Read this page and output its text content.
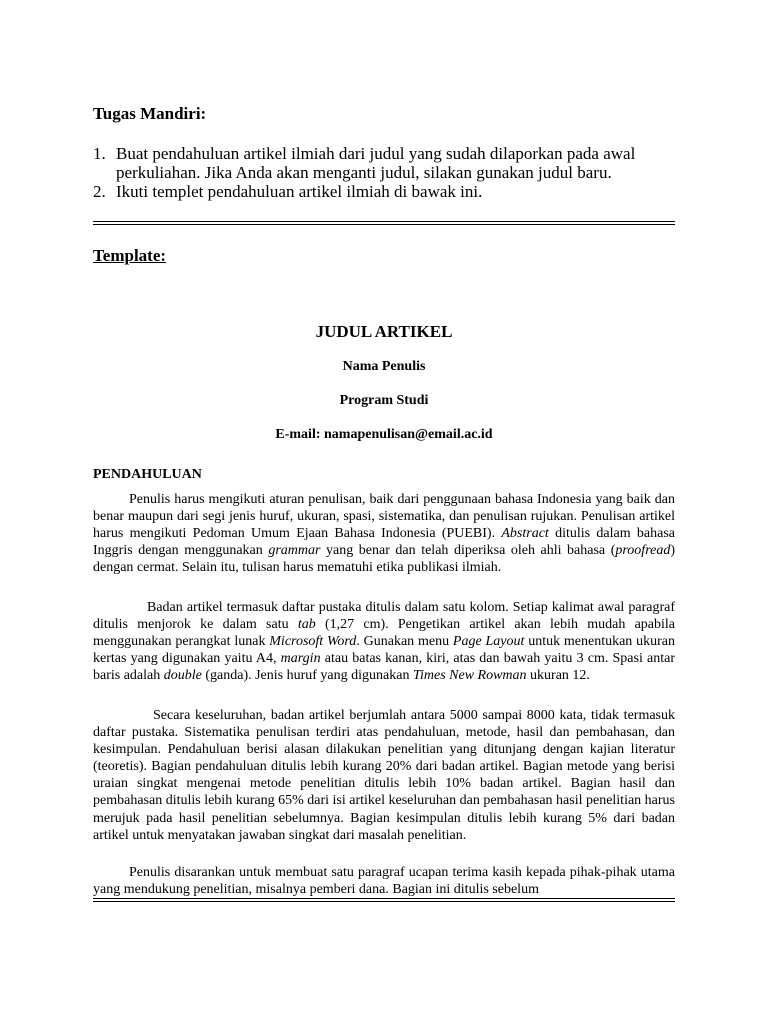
Tugas Mandiri:

1. Buat pendahuluan artikel ilmiah dari judul yang sudah dilaporkan pada awal perkuliahan. Jika Anda akan menganti judul, silakan gunakan judul baru.

2. Ikuti templet pendahuluan artikel ilmiah di bawak ini.

Template:
JUDUL ARTIKEL
Nama Penulis
Program Studi
E-mail: namapenulisan@email.ac.id
PENDAHULUAN

Penulis harus mengikuti aturan penulisan, baik dari penggunaan bahasa Indonesia yang baik dan benar maupun dari segi jenis huruf, ukuran, spasi, sistematika, dan penulisan rujukan. Penulisan artikel harus mengikuti Pedoman Umum Ejaan Bahasa Indonesia (PUEBI). Abstract ditulis dalam bahasa Inggris dengan menggunakan grammar yang benar dan telah diperiksa oleh ahli bahasa (proofread) dengan cermat. Selain itu, tulisan harus mematuhi etika publikasi ilmiah.

Badan artikel termasuk daftar pustaka ditulis dalam satu kolom. Setiap kalimat awal paragraf ditulis menjorok ke dalam satu tab (1,27 cm). Pengetikan artikel akan lebih mudah apabila menggunakan perangkat lunak Microsoft Word. Gunakan menu Page Layout untuk menentukan ukuran kertas yang digunakan yaitu A4, margin atau batas kanan, kiri, atas dan bawah yaitu 3 cm. Spasi antar baris adalah double (ganda). Jenis huruf yang digunakan Times New Rowman ukuran 12.

Secara keseluruhan, badan artikel berjumlah antara 5000 sampai 8000 kata, tidak termasuk daftar pustaka. Sistematika penulisan terdiri atas pendahuluan, metode, hasil dan pembahasan, dan kesimpulan. Pendahuluan berisi alasan dilakukan penelitian yang ditunjang dengan kajian literatur (teoretis). Bagian pendahuluan ditulis lebih kurang 20% dari badan artikel. Bagian metode yang berisi uraian singkat mengenai metode penelitian ditulis lebih 10% badan artikel. Bagian hasil dan pembahasan ditulis lebih kurang 65% dari isi artikel keseluruhan dan pembahasan hasil penelitian harus merujuk pada hasil penelitian sebelumnya. Bagian kesimpulan ditulis lebih kurang 5% dari badan artikel untuk menyatakan jawaban singkat dari masalah penelitian.

Penulis disarankan untuk membuat satu paragraf ucapan terima kasih kepada pihak-pihak utama yang mendukung penelitian, misalnya pemberi dana. Bagian ini ditulis sebelum
